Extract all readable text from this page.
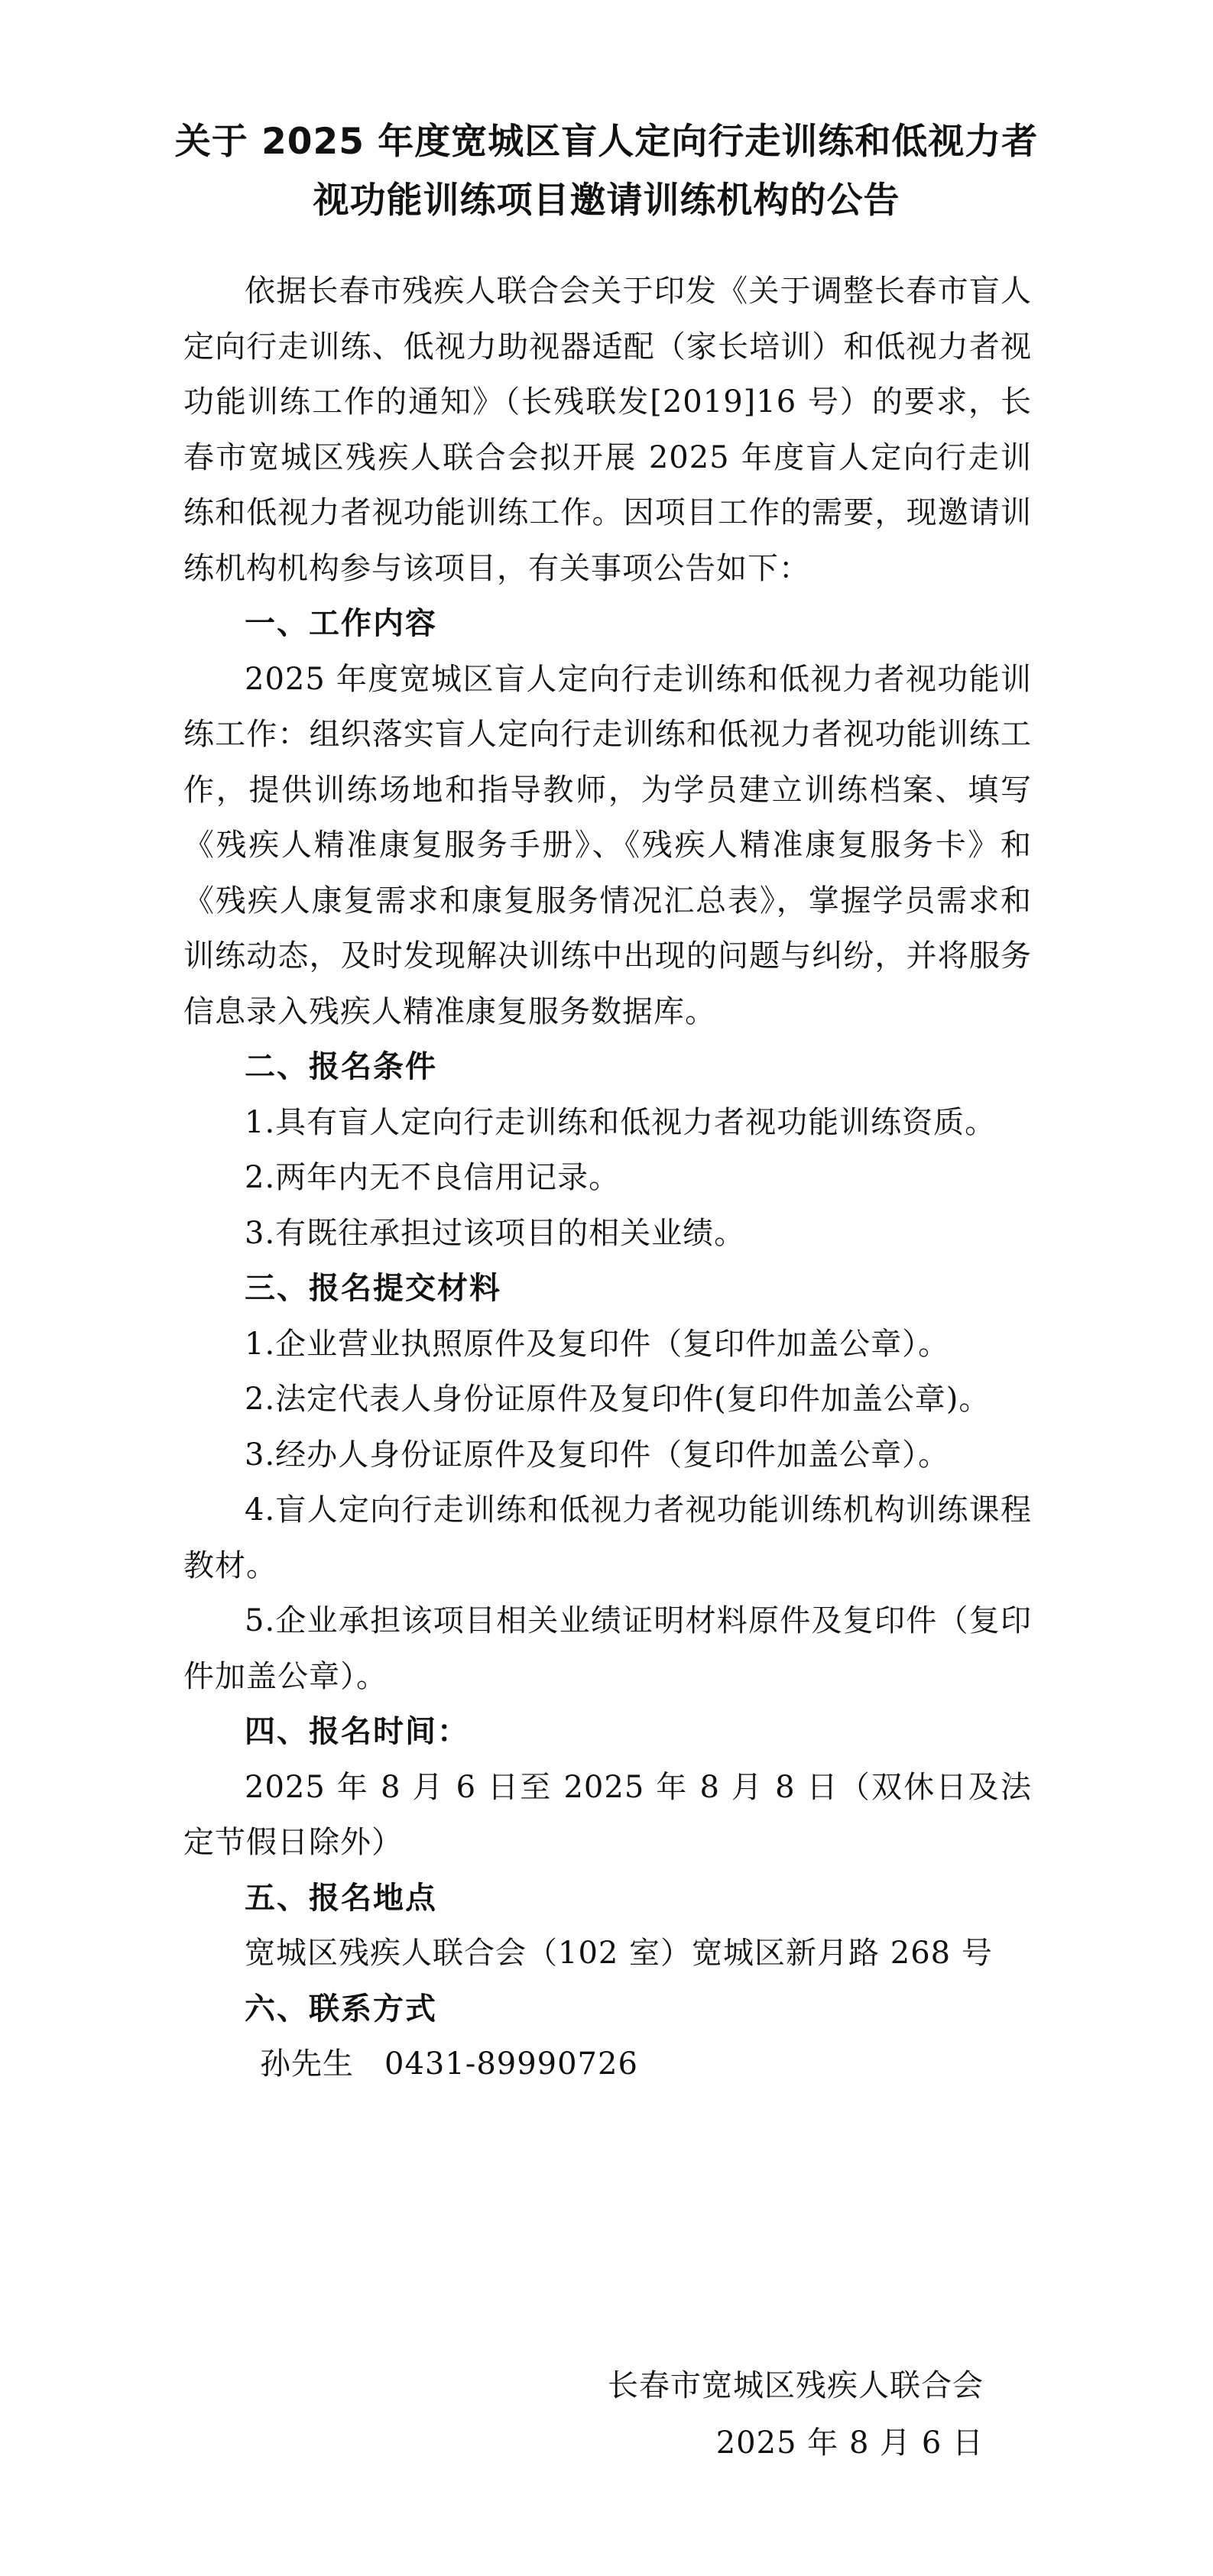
关于 2025 年度宽城区盲人定向行走训练和低视力者
视功能训练项目邀请训练机构的公告

依据长春市残疾人联合会关于印发《关于调整长春市盲人定向行走训练、低视力助视器适配（家长培训）和低视力者视功能训练工作的通知》（长残联发[2019]16 号）的要求，长春市宽城区残疾人联合会拟开展 2025 年度盲人定向行走训练和低视力者视功能训练工作。因项目工作的需要，现邀请训练机构机构参与该项目，有关事项公告如下：

一、工作内容

2025 年度宽城区盲人定向行走训练和低视力者视功能训练工作：组织落实盲人定向行走训练和低视力者视功能训练工作，提供训练场地和指导教师，为学员建立训练档案、填写《残疾人精准康复服务手册》、《残疾人精准康复服务卡》和《残疾人康复需求和康复服务情况汇总表》，掌握学员需求和训练动态，及时发现解决训练中出现的问题与纠纷，并将服务信息录入残疾人精准康复服务数据库。

二、报名条件

1.具有盲人定向行走训练和低视力者视功能训练资质。

2.两年内无不良信用记录。

3.有既往承担过该项目的相关业绩。

三、报名提交材料

1.企业营业执照原件及复印件（复印件加盖公章）。

2.法定代表人身份证原件及复印件(复印件加盖公章)。

3.经办人身份证原件及复印件（复印件加盖公章）。

4.盲人定向行走训练和低视力者视功能训练机构训练课程教材。

5.企业承担该项目相关业绩证明材料原件及复印件（复印件加盖公章）。

四、报名时间：

2025 年 8 月 6 日至 2025 年 8 月 8 日（双休日及法定节假日除外）

五、报名地点

宽城区残疾人联合会（102 室）宽城区新月路 268 号

六、联系方式

孙先生 0431-89990726

长春市宽城区残疾人联合会
2025 年 8 月 6 日
